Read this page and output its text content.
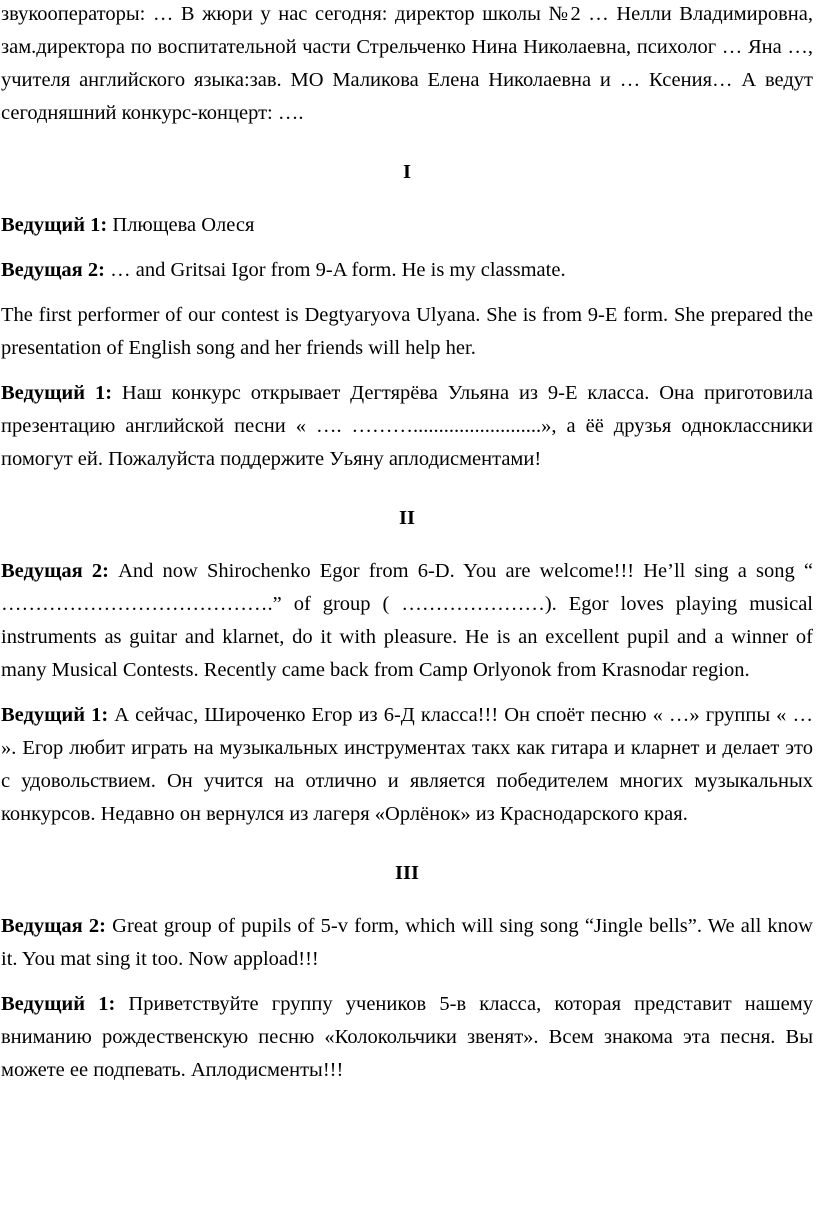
звукооператоры: … В жюри у нас сегодня: директор школы №2 … Нелли Владимировна, зам.директора по воспитательной части Стрельченко Нина Николаевна, психолог … Яна …, учителя английского языка:зав. МО Маликова Елена Николаевна и … Ксения… А ведут сегодняшний конкурс-концерт: ….

I

Ведущий 1: Плющева Олеся

Ведущая 2: … and Gritsai Igor from 9-A form. He is my classmate.

The first performer of our contest is Degtyaryova Ulyana. She is from 9-E form. She prepared the presentation of English song and her friends will help her.

Ведущий 1: Наш конкурс открывает Дегтярёва Ульяна из 9-Е класса. Она приготовила презентацию английской песни « …. ……….........................», а ёё друзья одноклассники помогут ей. Пожалуйста поддержите Уьяну аплодисментами!

II

Ведущая 2: And now Shirochenko Egor from 6-D. You are welcome!!! He’ll sing a song “ ………………………………….” of group ( …………………). Egor loves playing musical instruments as guitar and klarnet, do it with pleasure. He is an excellent pupil and a winner of many Musical Contests. Recently came back from Camp Orlyonok from Krasnodar region.

Ведущий 1: А сейчас, Широченко Егор из 6-Д класса!!! Он споёт песню « …» группы « … ». Егор любит играть на музыкальных инструментах такх как гитара и кларнет и делает это с удовольствием. Он учится на отлично и является победителем многих музыкальных конкурсов. Недавно он вернулся из лагеря «Орлёнок» из Краснодарского края.

III

Ведущая 2: Great group of pupils of 5-v form, which will sing song “Jingle bells”. We all know it. You mat sing it too. Now appload!!!

Ведущий 1: Приветствуйте группу учеников 5-в класса, которая представит нашему вниманию рождественскую песню «Колокольчики звенят». Всем знакома эта песня. Вы можете ее подпевать. Аплодисменты!!!
